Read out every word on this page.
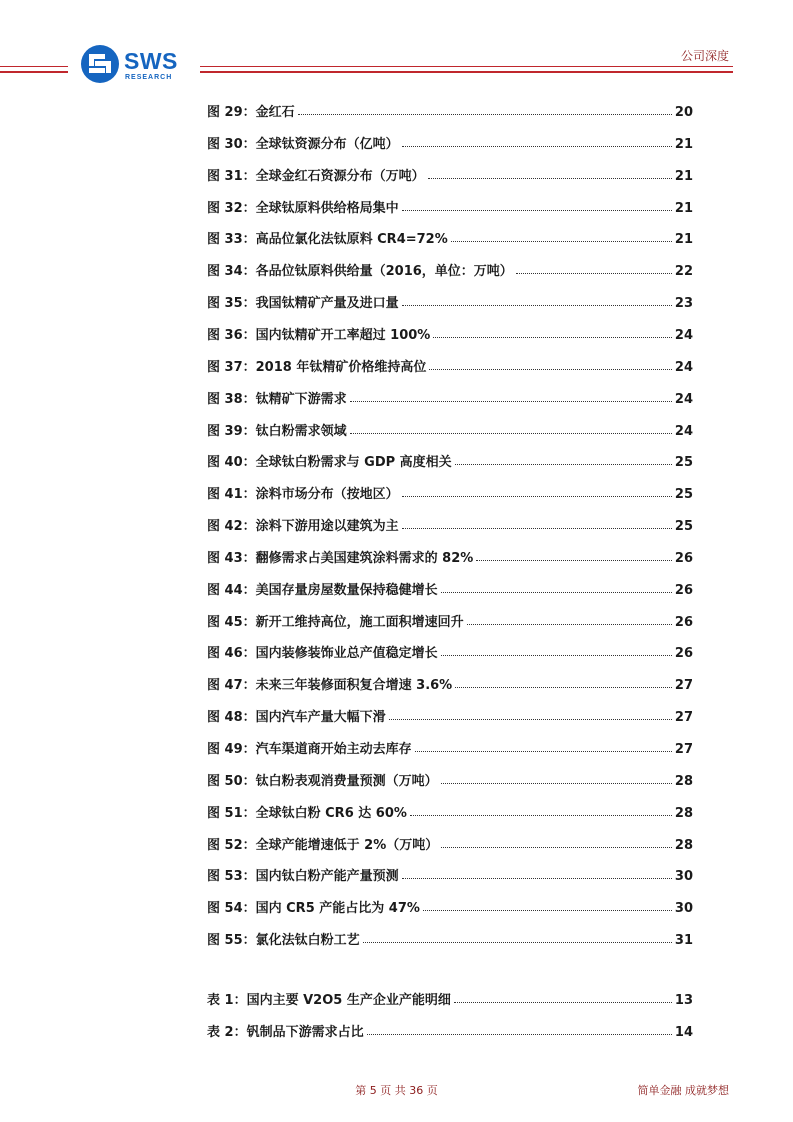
SWS
RESEARCH
公司深度
图 29：金红石	20
图 30：全球钛资源分布（亿吨）	21
图 31：全球金红石资源分布（万吨）	21
图 32：全球钛原料供给格局集中	21
图 33：高品位氯化法钛原料 CR4=72%	21
图 34：各品位钛原料供给量（2016，单位：万吨）	22
图 35：我国钛精矿产量及进口量	23
图 36：国内钛精矿开工率超过 100%	24
图 37：2018 年钛精矿价格维持高位	24
图 38：钛精矿下游需求	24
图 39：钛白粉需求领域	24
图 40：全球钛白粉需求与 GDP 高度相关	25
图 41：涂料市场分布（按地区）	25
图 42：涂料下游用途以建筑为主	25
图 43：翻修需求占美国建筑涂料需求的 82%	26
图 44：美国存量房屋数量保持稳健增长	26
图 45：新开工维持高位，施工面积增速回升	26
图 46：国内装修装饰业总产值稳定增长	26
图 47：未来三年装修面积复合增速 3.6%	27
图 48：国内汽车产量大幅下滑	27
图 49：汽车渠道商开始主动去库存	27
图 50：钛白粉表观消费量预测（万吨）	28
图 51：全球钛白粉 CR6 达 60%	28
图 52：全球产能增速低于 2%（万吨）	28
图 53：国内钛白粉产能产量预测	30
图 54：国内 CR5 产能占比为 47%	30
图 55：氯化法钛白粉工艺	31
表 1：国内主要 V2O5 生产企业产能明细	13
表 2：钒制品下游需求占比	14
第 5 页 共 36 页	简单金融 成就梦想
